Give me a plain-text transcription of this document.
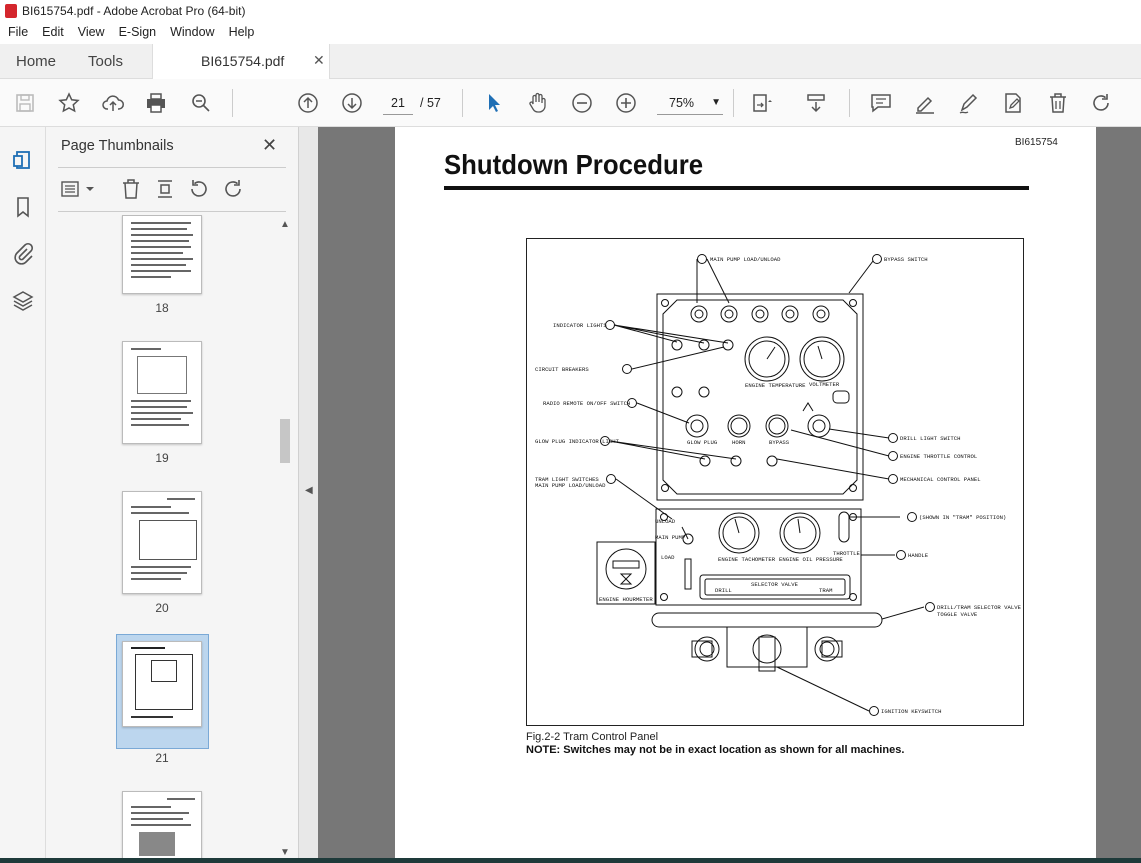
BI615754.pdf - Adobe Acrobat Pro (64-bit)
File Edit View E-Sign Window Help
Home Tools	BI615754.pdf ✕
21	/ 57	75% ▼
Page Thumbnails	✕
18
19
20
21
▲
▼
◀
BI615754
Shutdown Procedure
MAIN PUMP LOAD/UNLOAD	BYPASS SWITCH
INDICATOR LIGHTS
CIRCUIT BREAKERS
RADIO REMOTE ON/OFF SWITCH
GLOW PLUG INDICATOR LIGHT
TRAM LIGHT SWITCHES
MAIN PUMP LOAD/UNLOAD
DRILL LIGHT SWITCH
ENGINE THROTTLE CONTROL
MECHANICAL CONTROL PANEL
(SHOWN IN "TRAM" POSITION)
HANDLE
DRILL/TRAM SELECTOR VALVE
TOGGLE VALVE
IGNITION KEYSWITCH
UNLOAD
MAIN PUMP
LOAD	ENGINE TACHOMETER ENGINE OIL PRESSURE
THROTTLE
ENGINE HOURMETER
SELECTOR VALVE
DRILL	TRAM
ENGINE TEMPERATURE VOLTMETER
GLOW PLUG	HORN	BYPASS
Fig.2-2 Tram Control Panel
NOTE: Switches may not be in exact location as shown for all machines.
